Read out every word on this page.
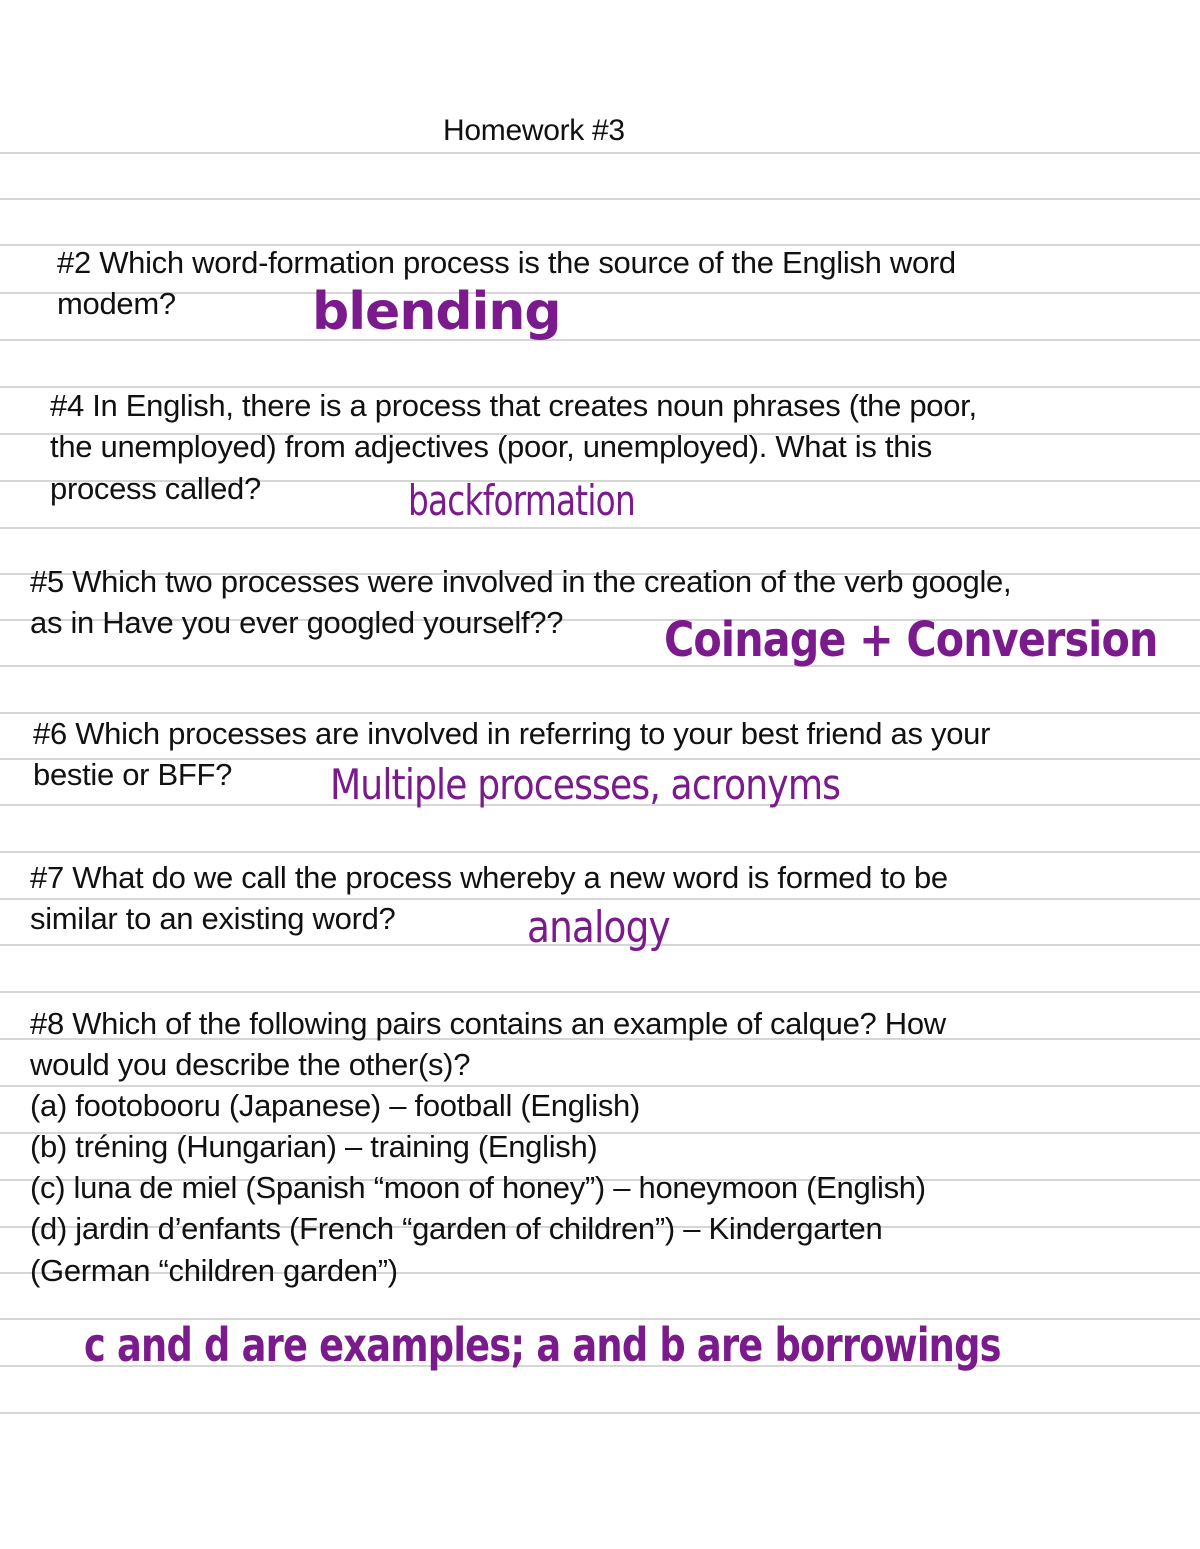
Homework #3

#2 Which word-formation process is the source of the English word

modem?	blending

#4 In English, there is a process that creates noun phrases (the poor,

the unemployed) from adjectives (poor, unemployed). What is this

process called?	backformation

#5 Which two processes were involved in the creation of the verb google,

as in Have you ever googled yourself?? Coinage + Conversion

#6 Which processes are involved in referring to your best friend as your

bestie or BFF? Multiple processes, acronyms

#7 What do we call the process whereby a new word is formed to be

similar to an existing word?	analogy

#8 Which of the following pairs contains an example of calque? How

would you describe the other(s)?

(a) footobooru (Japanese) – football (English)

(b) tréning (Hungarian) – training (English)

(c) luna de miel (Spanish “moon of honey”) – honeymoon (English)

(d) jardin d’enfants (French “garden of children”) – Kindergarten

(German “children garden”)

c and d are examples; a and b are borrowings
